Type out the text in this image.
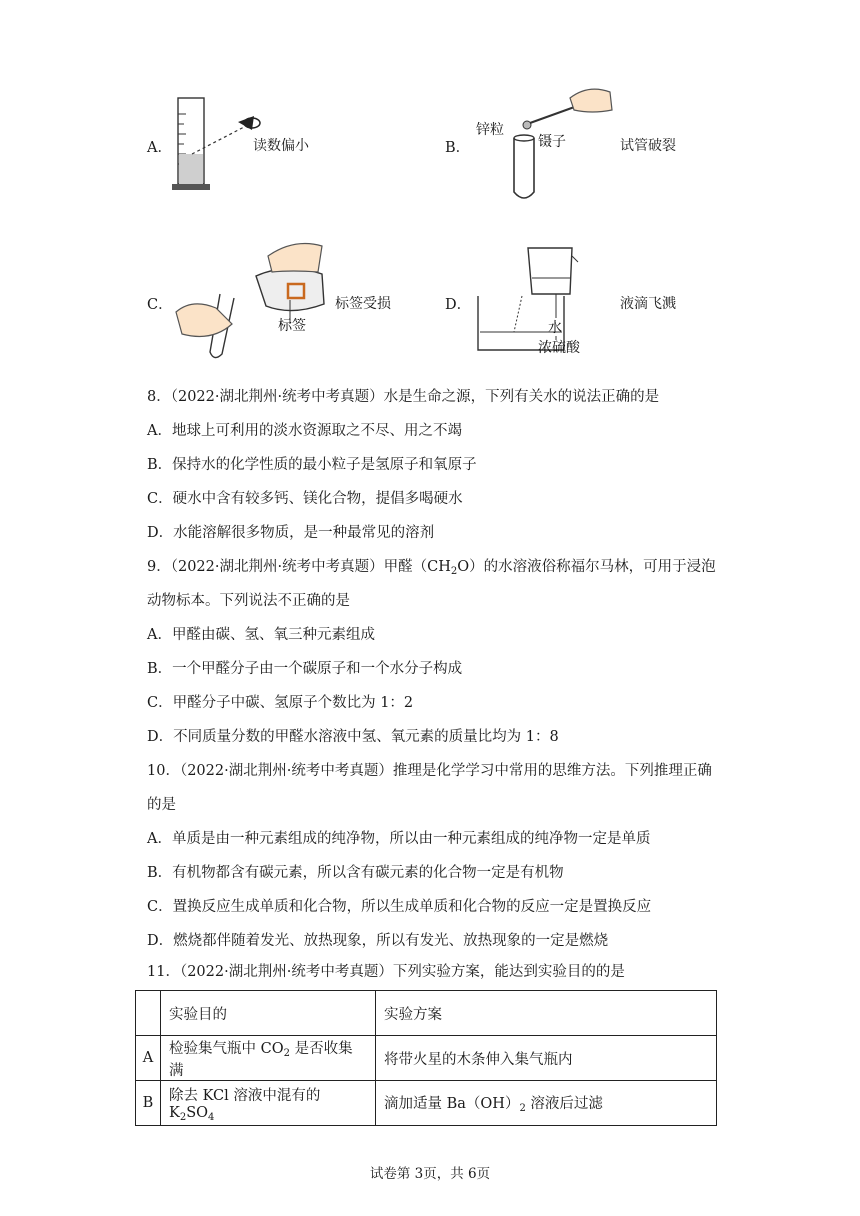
A．	读数偏小	B．
锌粒
镊子	试管破裂
C．
标签
标签受损	D．
水
浓硫酸
液滴飞溅
8．（2022·湖北荆州·统考中考真题）水是生命之源，下列有关水的说法正确的是
A．地球上可利用的淡水资源取之不尽、用之不竭
B．保持水的化学性质的最小粒子是氢原子和氧原子
C．硬水中含有较多钙、镁化合物，提倡多喝硬水
D．水能溶解很多物质，是一种最常见的溶剂
9．（2022·湖北荆州·统考中考真题）甲醛$(CH_2O)$的水溶液俗称福尔马林，可用于浸泡
动物标本。下列说法不正确的是
A．甲醛由碳、氢、氧三种元素组成
B．一个甲醛分子由一个碳原子和一个水分子构成
C．甲醛分子中碳、氢原子个数比为 1：2
D．不同质量分数的甲醛水溶液中氢、氧元素的质量比均为 1：8
10．（2022·湖北荆州·统考中考真题）推理是化学学习中常用的思维方法。下列推理正确
的是
A．单质是由一种元素组成的纯净物，所以由一种元素组成的纯净物一定是单质
B．有机物都含有碳元素，所以含有碳元素的化合物一定是有机物
C．置换反应生成单质和化合物，所以生成单质和化合物的反应一定是置换反应
D．燃烧都伴随着发光、放热现象，所以有发光、放热现象的一定是燃烧
11．（2022·湖北荆州·统考中考真题）下列实验方案，能达到实验目的的是
	实验目的	实验方案
A	检验集气瓶中 $CO_2$ 是否收集满	将带火星的木条伸入集气瓶内
B	除去 KCl 溶液中混有的 $K_2SO_4$	滴加适量 $Ba(OH)_2$ 溶液后过滤
试卷第 3页，共 6页
